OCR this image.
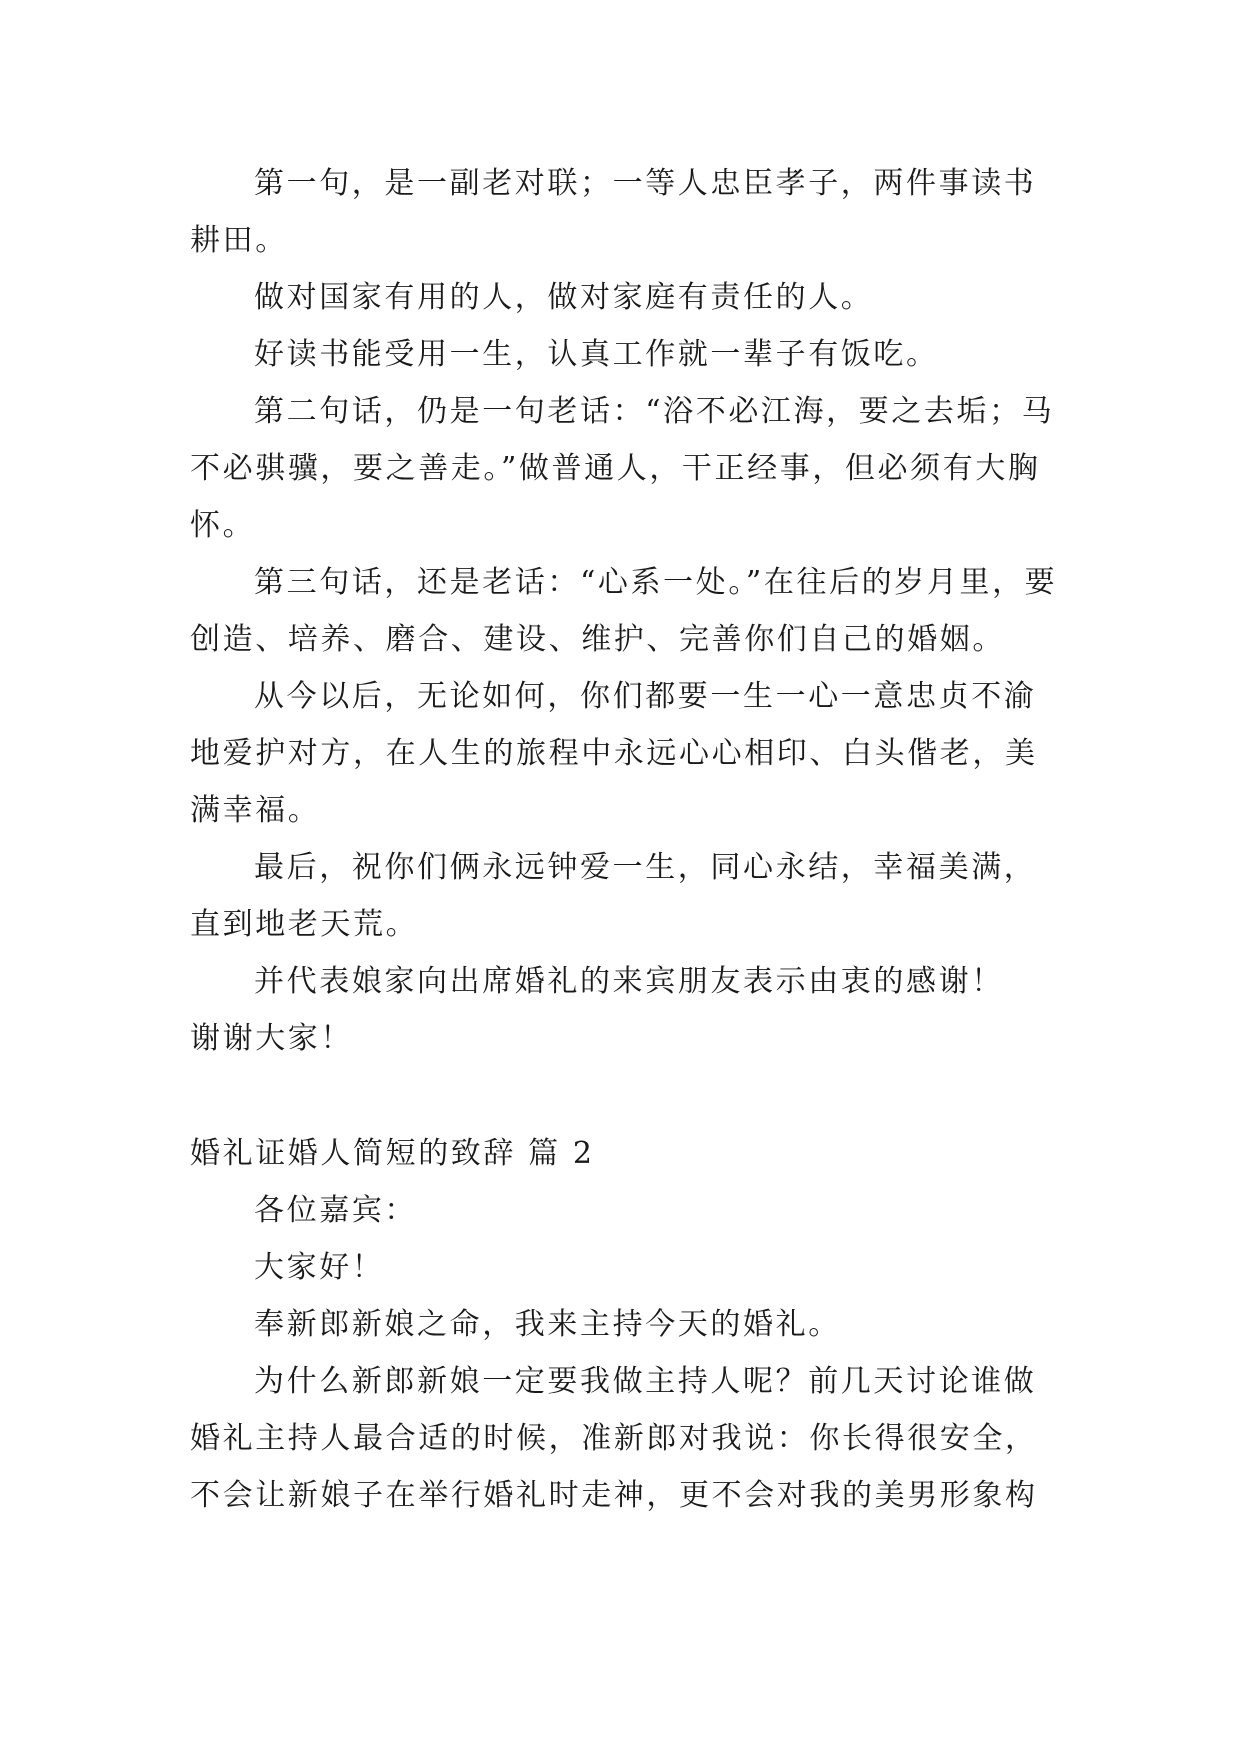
第一句，是一副老对联；一等人忠臣孝子，两件事读书耕田。

做对国家有用的人，做对家庭有责任的人。

好读书能受用一生，认真工作就一辈子有饭吃。

第二句话，仍是一句老话：“浴不必江海，要之去垢；马不必骐骥，要之善走。”做普通人，干正经事，但必须有大胸怀。

第三句话，还是老话：“心系一处。”在往后的岁月里，要创造、培养、磨合、建设、维护、完善你们自己的婚姻。

从今以后，无论如何，你们都要一生一心一意忠贞不渝地爱护对方，在人生的旅程中永远心心相印、白头偕老，美满幸福。

最后，祝你们俩永远钟爱一生，同心永结，幸福美满，直到地老天荒。

并代表娘家向出席婚礼的来宾朋友表示由衷的感谢！

谢谢大家！

婚礼证婚人简短的致辞 篇 2

各位嘉宾：

大家好！

奉新郎新娘之命，我来主持今天的婚礼。

为什么新郎新娘一定要我做主持人呢？前几天讨论谁做婚礼主持人最合适的时候，准新郎对我说：你长得很安全，不会让新娘子在举行婚礼时走神，更不会对我的美男形象构
